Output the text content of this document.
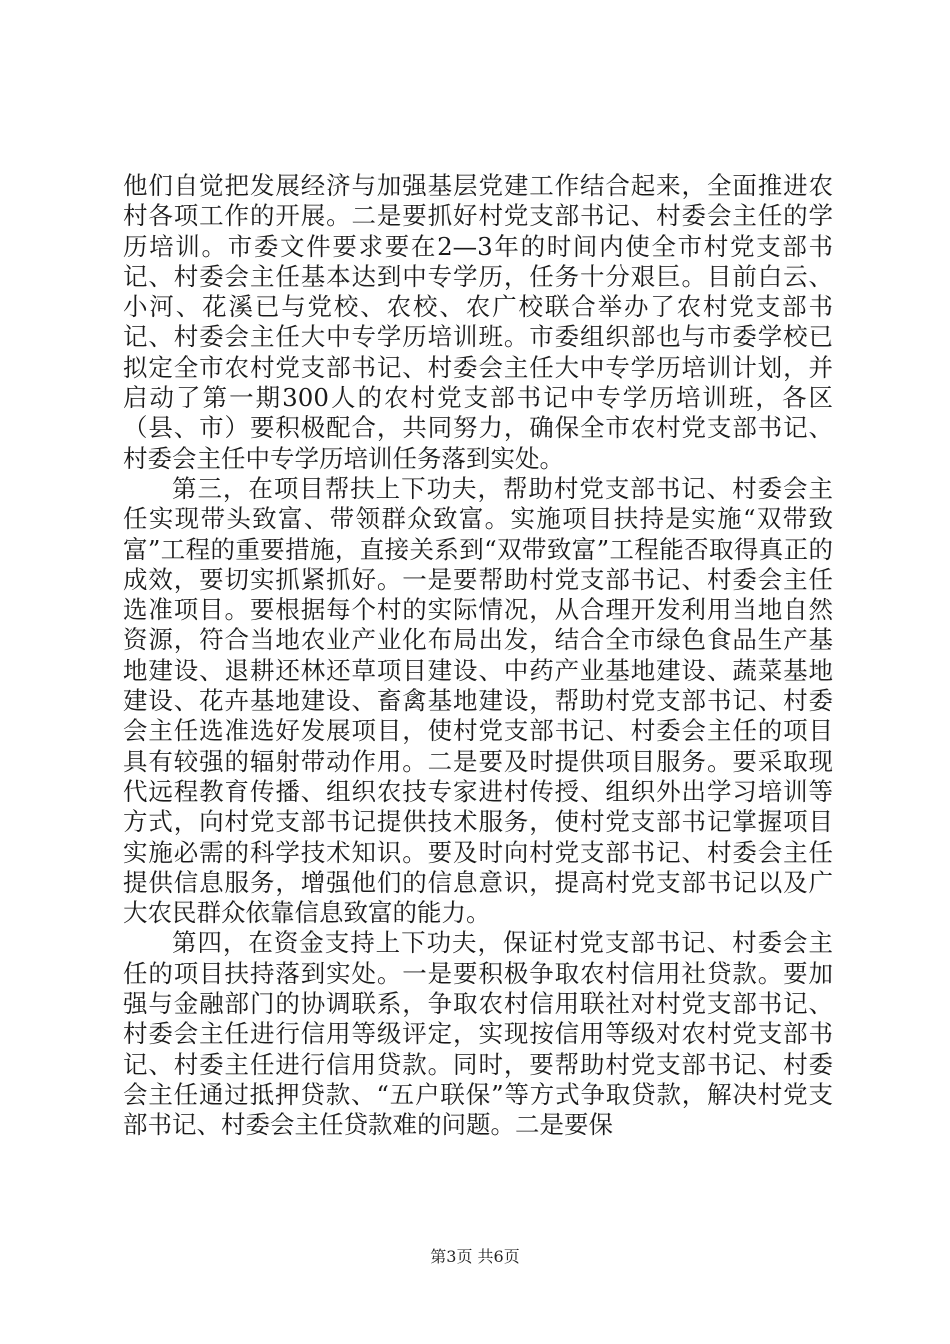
他们自觉把发展经济与加强基层党建工作结合起来，全面推进农村各项工作的开展。二是要抓好村党支部书记、村委会主任的学历培训。市委文件要求要在2—3年的时间内使全市村党支部书记、村委会主任基本达到中专学历，任务十分艰巨。目前白云、小河、花溪已与党校、农校、农广校联合举办了农村党支部书记、村委会主任大中专学历培训班。市委组织部也与市委学校已拟定全市农村党支部书记、村委会主任大中专学历培训计划，并启动了第一期300人的农村党支部书记中专学历培训班，各区（县、市）要积极配合，共同努力，确保全市农村党支部书记、村委会主任中专学历培训任务落到实处。

第三，在项目帮扶上下功夫，帮助村党支部书记、村委会主任实现带头致富、带领群众致富。实施项目扶持是实施“双带致富”工程的重要措施，直接关系到“双带致富”工程能否取得真正的成效，要切实抓紧抓好。一是要帮助村党支部书记、村委会主任选准项目。要根据每个村的实际情况，从合理开发利用当地自然资源，符合当地农业产业化布局出发，结合全市绿色食品生产基地建设、退耕还林还草项目建设、中药产业基地建设、蔬菜基地建设、花卉基地建设、畜禽基地建设，帮助村党支部书记、村委会主任选准选好发展项目，使村党支部书记、村委会主任的项目具有较强的辐射带动作用。二是要及时提供项目服务。要采取现代远程教育传播、组织农技专家进村传授、组织外出学习培训等方式，向村党支部书记提供技术服务，使村党支部书记掌握项目实施必需的科学技术知识。要及时向村党支部书记、村委会主任提供信息服务，增强他们的信息意识，提高村党支部书记以及广大农民群众依靠信息致富的能力。

第四，在资金支持上下功夫，保证村党支部书记、村委会主任的项目扶持落到实处。一是要积极争取农村信用社贷款。要加强与金融部门的协调联系，争取农村信用联社对村党支部书记、村委会主任进行信用等级评定，实现按信用等级对农村党支部书记、村委主任进行信用贷款。同时，要帮助村党支部书记、村委会主任通过抵押贷款、“五户联保”等方式争取贷款，解决村党支部书记、村委会主任贷款难的问题。二是要保

第3页 共6页
